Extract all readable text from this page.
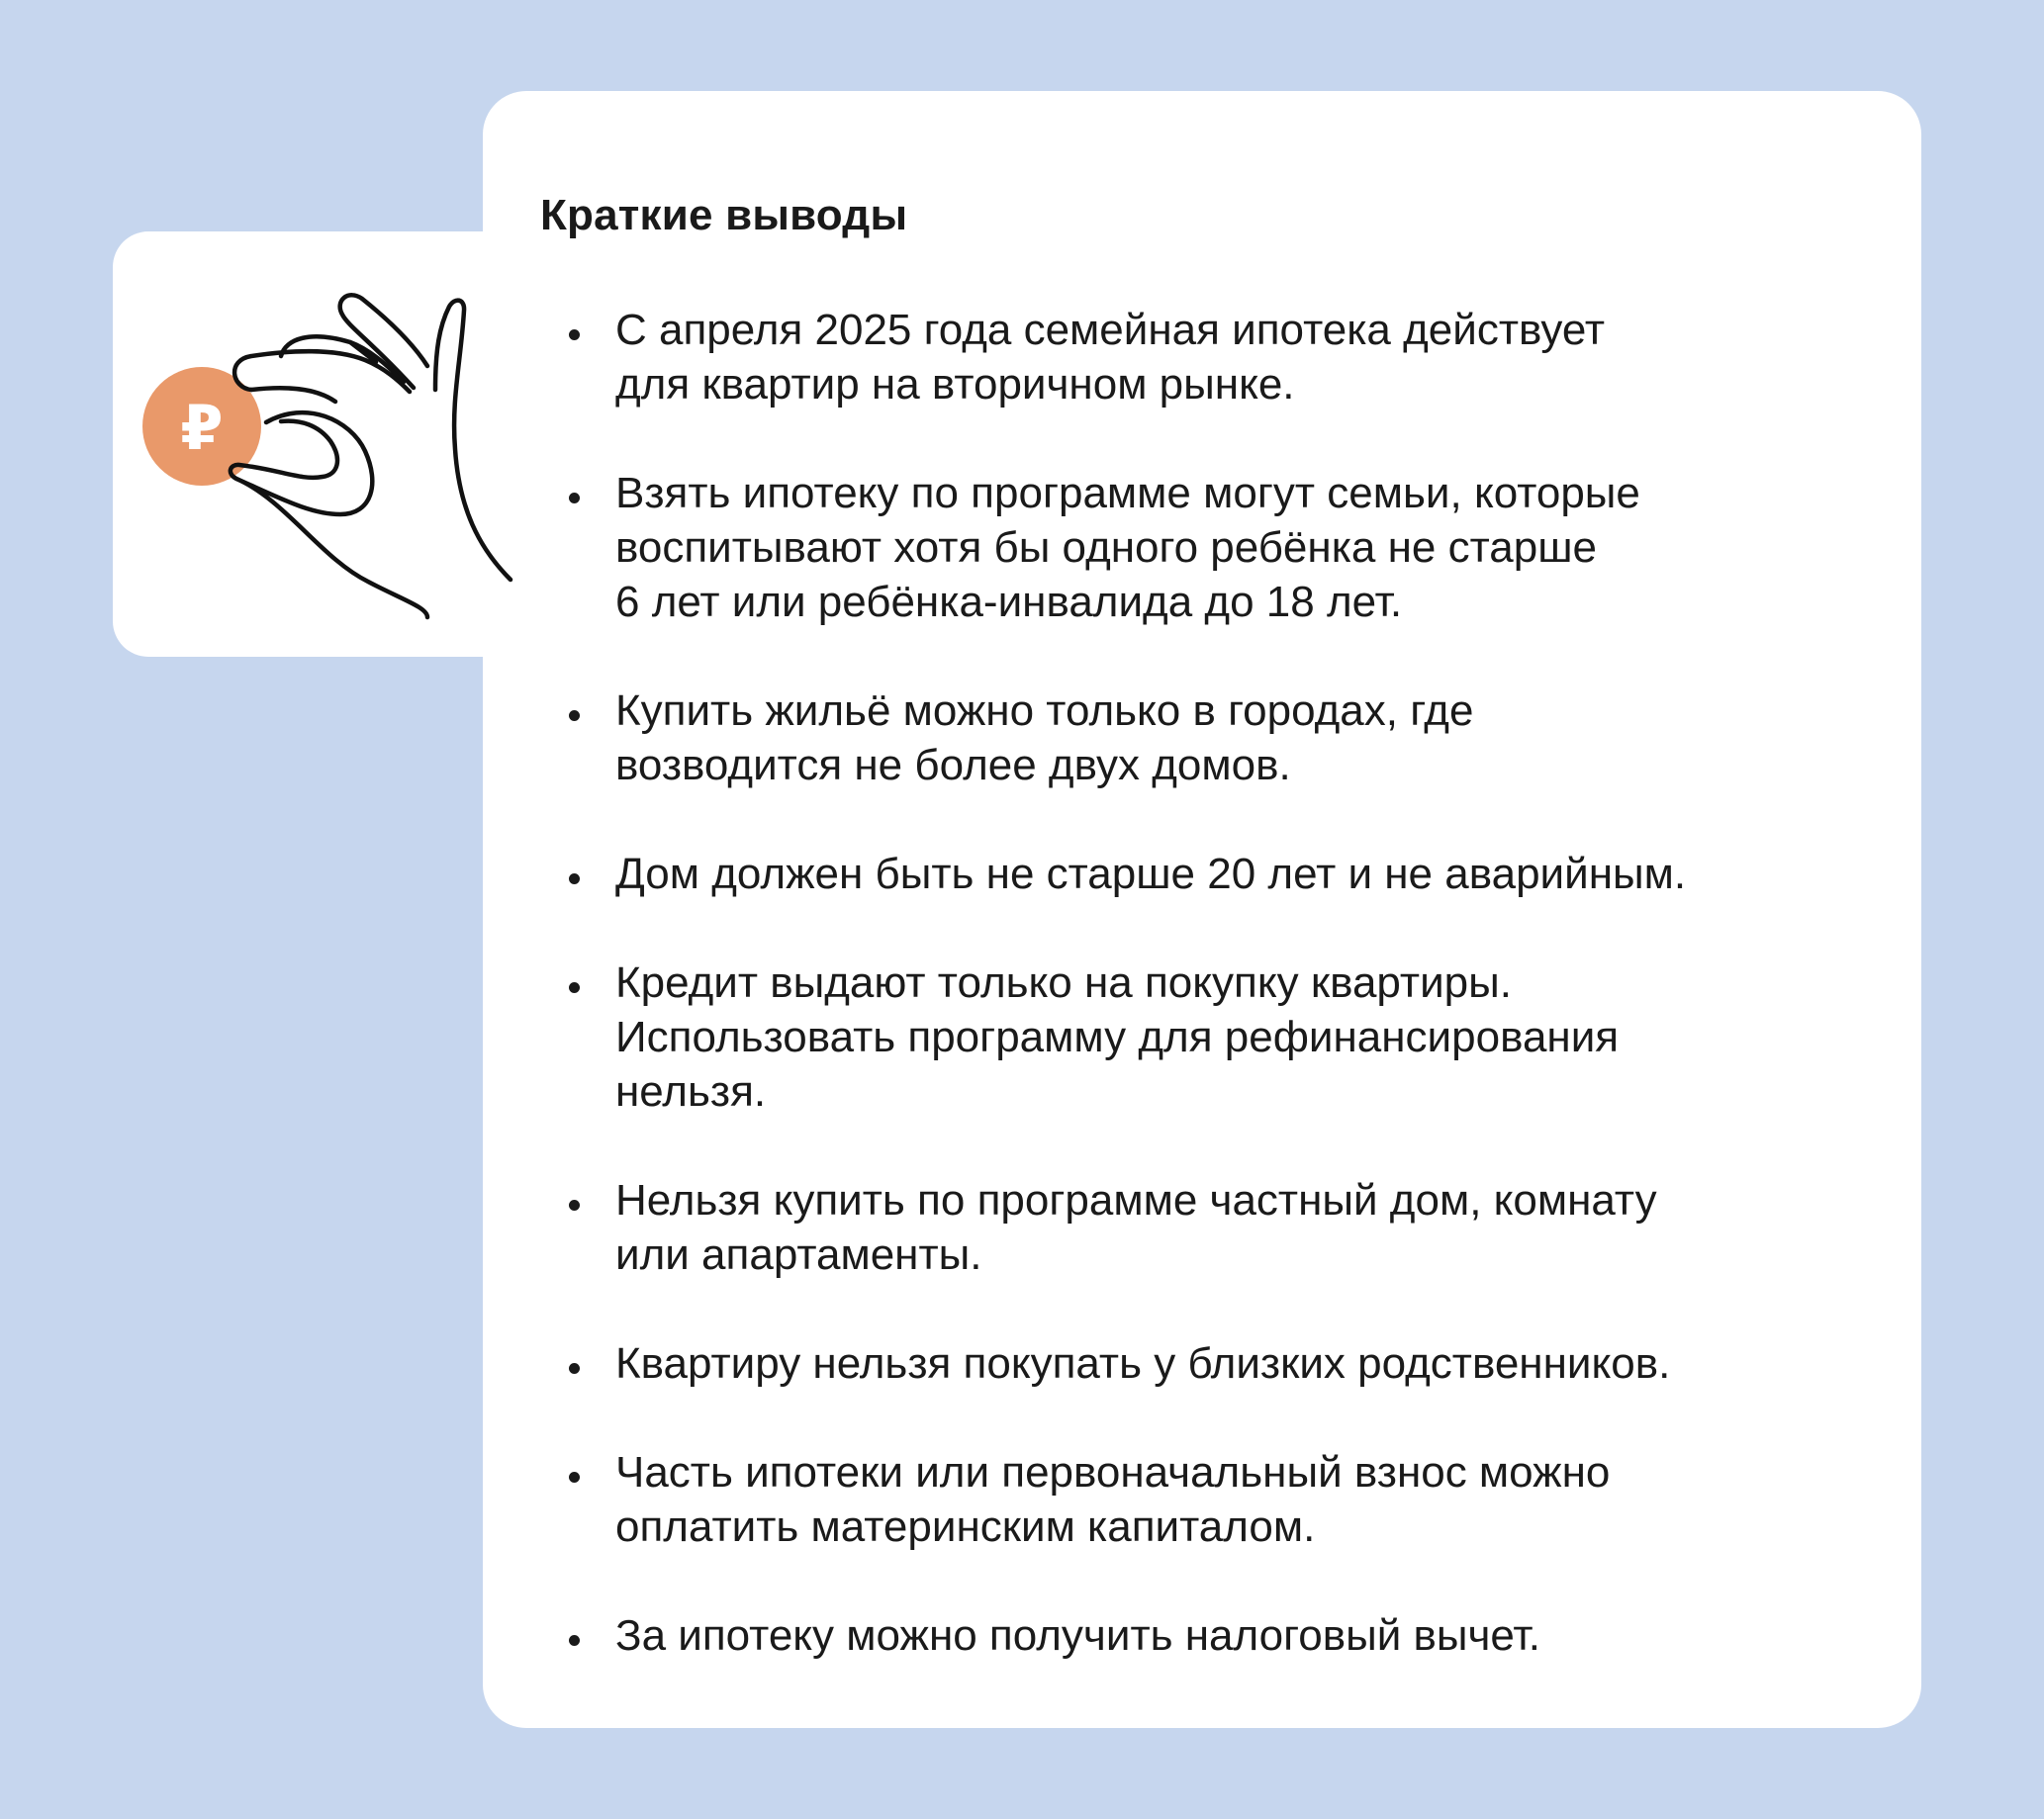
₽
Краткие выводы
С апреля 2025 года семейная ипотека действует
для квартир на вторичном рынке.
Взять ипотеку по программе могут семьи, которые
воспитывают хотя бы одного ребёнка не старше
6 лет или ребёнка-инвалида до 18 лет.
Купить жильё можно только в городах, где
возводится не более двух домов.
Дом должен быть не старше 20 лет и не аварийным.
Кредит выдают только на покупку квартиры.
Использовать программу для рефинансирования
нельзя.
Нельзя купить по программе частный дом, комнату
или апартаменты.
Квартиру нельзя покупать у близких родственников.
Часть ипотеки или первоначальный взнос можно
оплатить материнским капиталом.
За ипотеку можно получить налоговый вычет.
